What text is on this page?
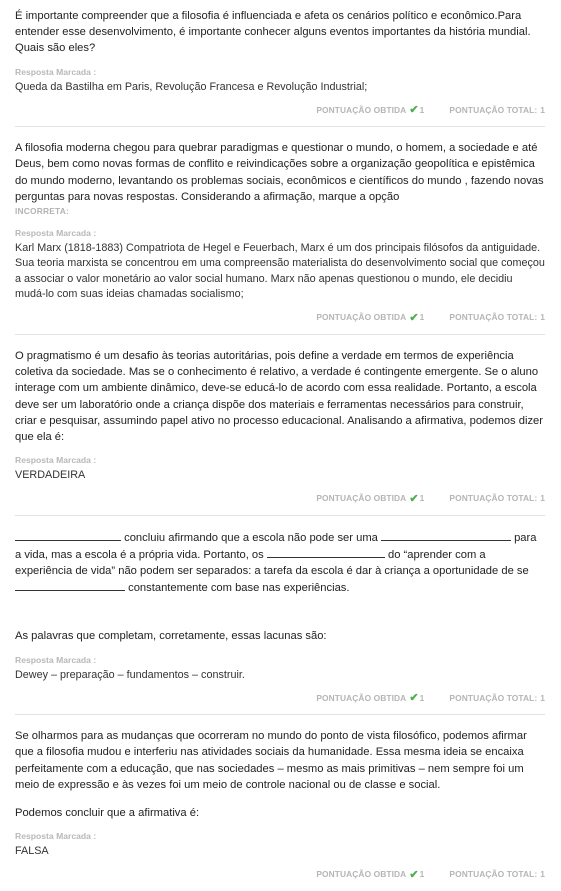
É importante compreender que a filosofia é influenciada e afeta os cenários político e econômico.Para entender esse desenvolvimento, é importante conhecer alguns eventos importantes da história mundial. Quais são eles?
Resposta Marcada :
Queda da Bastilha em Paris, Revolução Francesa e Revolução Industrial;
PONTUAÇÃO OBTIDA ✔ 1	PONTUAÇÃO TOTAL: 1
A filosofia moderna chegou para quebrar paradigmas e questionar o mundo, o homem, a sociedade e até Deus, bem como novas formas de conflito e reivindicações sobre a organização geopolítica e epistêmica do mundo moderno, levantando os problemas sociais, econômicos e científicos do mundo , fazendo novas perguntas para novas respostas. Considerando a afirmação, marque a opção
INCORRETA:
Resposta Marcada :
Karl Marx (1818-1883) Compatriota de Hegel e Feuerbach, Marx é um dos principais filósofos da antiguidade. Sua teoria marxista se concentrou em uma compreensão materialista do desenvolvimento social que começou a associar o valor monetário ao valor social humano. Marx não apenas questionou o mundo, ele decidiu mudá-lo com suas ideias chamadas socialismo;
PONTUAÇÃO OBTIDA ✔ 1	PONTUAÇÃO TOTAL: 1
O pragmatismo é um desafio às teorias autoritárias, pois define a verdade em termos de experiência coletiva da sociedade. Mas se o conhecimento é relativo, a verdade é contingente emergente. Se o aluno interage com um ambiente dinâmico, deve-se educá-lo de acordo com essa realidade. Portanto, a escola deve ser um laboratório onde a criança dispõe dos materiais e ferramentas necessários para construir, criar e pesquisar, assumindo papel ativo no processo educacional. Analisando a afirmativa, podemos dizer que ela é:
Resposta Marcada :
VERDADEIRA
PONTUAÇÃO OBTIDA ✔ 1	PONTUAÇÃO TOTAL: 1
concluiu afirmando que a escola não pode ser uma	para a vida, mas a escola é a própria vida. Portanto, os	do “aprender com a experiência de vida” não podem ser separados: a tarefa da escola é dar à criança a oportunidade de se  constantemente com base nas experiências.

As palavras que completam, corretamente, essas lacunas são:

Resposta Marcada :
Dewey – preparação – fundamentos – construir.
PONTUAÇÃO OBTIDA ✔ 1	PONTUAÇÃO TOTAL: 1

Se olharmos para as mudanças que ocorreram no mundo do ponto de vista filosófico, podemos afirmar que a filosofia mudou e interferiu nas atividades sociais da humanidade. Essa mesma ideia se encaixa perfeitamente com a educação, que nas sociedades – mesmo as mais primitivas – nem sempre foi um meio de expressão e às vezes foi um meio de controle nacional ou de classe e social.

Podemos concluir que a afirmativa é:

Resposta Marcada :
FALSA
PONTUAÇÃO OBTIDA ✔ 1	PONTUAÇÃO TOTAL: 1
